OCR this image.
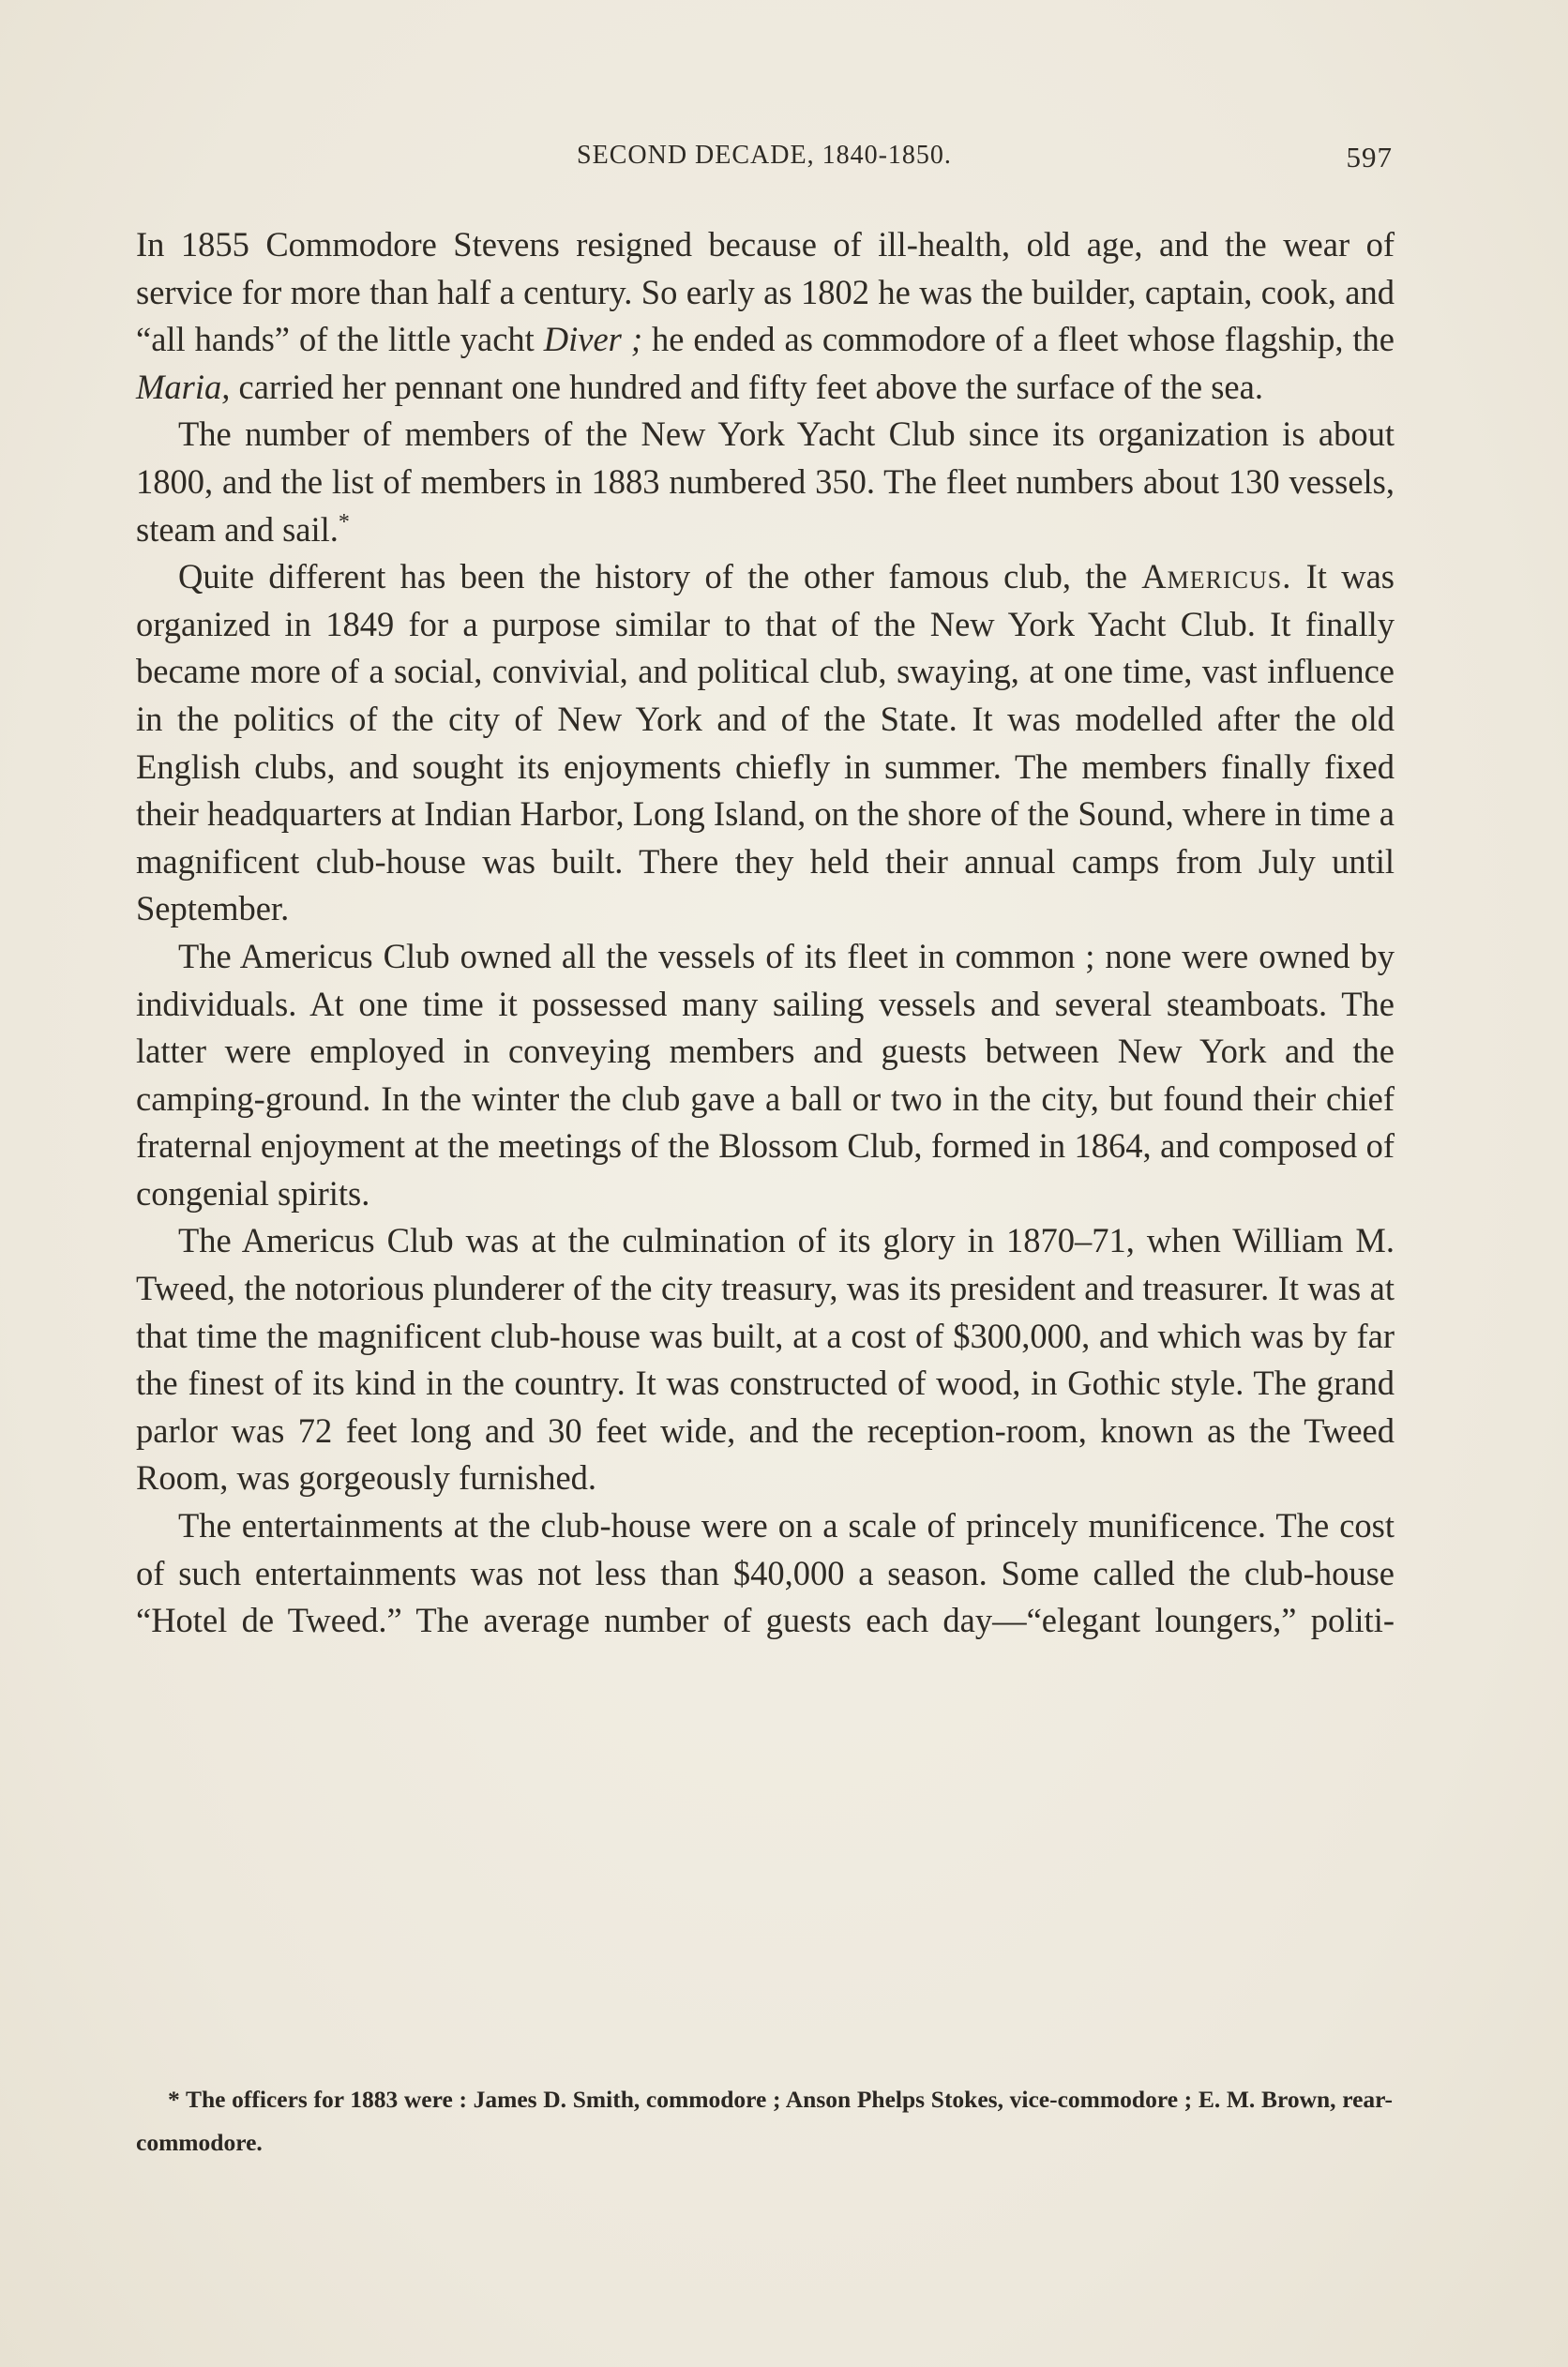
SECOND DECADE, 1840-1850.	597

In 1855 Commodore Stevens resigned because of ill-health, old age, and the wear of service for more than half a century. So early as 1802 he was the builder, captain, cook, and “all hands” of the little yacht Diver ; he ended as commodore of a fleet whose flagship, the Maria, carried her pennant one hundred and fifty feet above the surface of the sea.

The number of members of the New York Yacht Club since its organization is about 1800, and the list of members in 1883 numbered 350. The fleet numbers about 130 vessels, steam and sail.*

Quite different has been the history of the other famous club, the Americus. It was organized in 1849 for a purpose similar to that of the New York Yacht Club. It finally became more of a social, convivial, and political club, swaying, at one time, vast influence in the politics of the city of New York and of the State. It was modelled after the old English clubs, and sought its enjoyments chiefly in summer. The members finally fixed their headquarters at Indian Harbor, Long Island, on the shore of the Sound, where in time a magnificent club-house was built. There they held their annual camps from July until September.

The Americus Club owned all the vessels of its fleet in common ; none were owned by individuals. At one time it possessed many sailing vessels and several steamboats. The latter were employed in conveying members and guests between New York and the camping-ground. In the winter the club gave a ball or two in the city, but found their chief fraternal enjoyment at the meetings of the Blossom Club, formed in 1864, and composed of congenial spirits.

The Americus Club was at the culmination of its glory in 1870–71, when William M. Tweed, the notorious plunderer of the city treasury, was its president and treasurer. It was at that time the magnificent club-house was built, at a cost of $300,000, and which was by far the finest of its kind in the country. It was constructed of wood, in Gothic style. The grand parlor was 72 feet long and 30 feet wide, and the reception-room, known as the Tweed Room, was gorgeously furnished.

The entertainments at the club-house were on a scale of princely munificence. The cost of such entertainments was not less than $40,000 a season. Some called the club-house “Hotel de Tweed.” The average number of guests each day—“elegant loungers,” politi-

* The officers for 1883 were : James D. Smith, commodore ; Anson Phelps Stokes, vice-commodore ; E. M. Brown, rear-commodore.
